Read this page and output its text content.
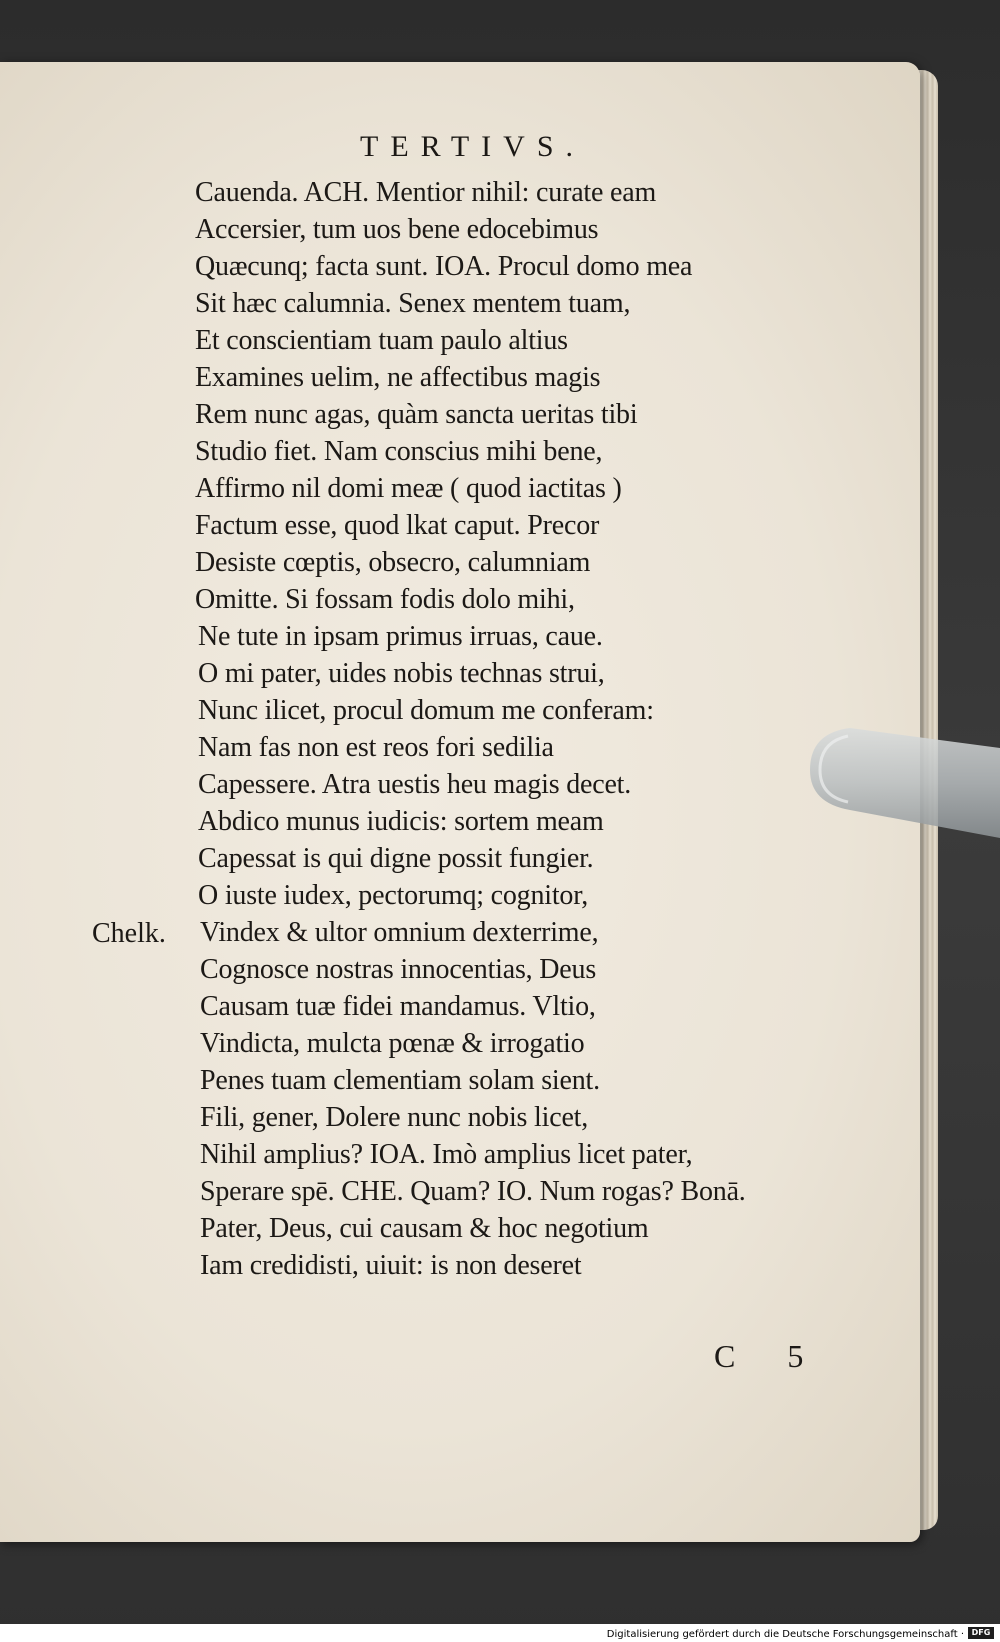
TERTIVS.
Chelk.
Cauenda. ACH. Mentior nihil: curate eam
Accersier, tum uos bene edocebimus
Quæcunq; facta sunt. IOA. Procul domo mea
Sit hæc calumnia. Senex mentem tuam,
Et conscientiam tuam paulo altius
Examines uelim, ne affectibus magis
Rem nunc agas, quàm sancta ueritas tibi
Studio fiet. Nam conscius mihi bene,
Affirmo nil domi meæ ( quod iactitas )
Factum esse, quod lkat caput. Precor
Desiste cœptis, obsecro, calumniam
Omitte. Si fossam fodis dolo mihi,
Ne tute in ipsam primus irruas, caue.
O mi pater, uides nobis technas strui,
Nunc ilicet, procul domum me conferam:
Nam fas non est reos fori sedilia
Capessere. Atra uestis heu magis decet.
Abdico munus iudicis: sortem meam
Capessat is qui digne possit fungier.
O iuste iudex, pectorumq; cognitor,
Vindex & ultor omnium dexterrime,
Cognosce nostras innocentias, Deus
Causam tuæ fidei mandamus. Vltio,
Vindicta, mulcta pœnæ & irrogatio
Penes tuam clementiam solam sient.
Fili, gener, Dolere nunc nobis licet,
Nihil amplius? IOA. Imò amplius licet pater,
Sperare spē. CHE. Quam? IO. Num rogas? Bonā.
Pater, Deus, cui causam & hoc negotium
Iam credidisti, uiuit: is non deseret
C 5
Digitalisierung gefördert durch die Deutsche Forschungsgemeinschaft · DFG
